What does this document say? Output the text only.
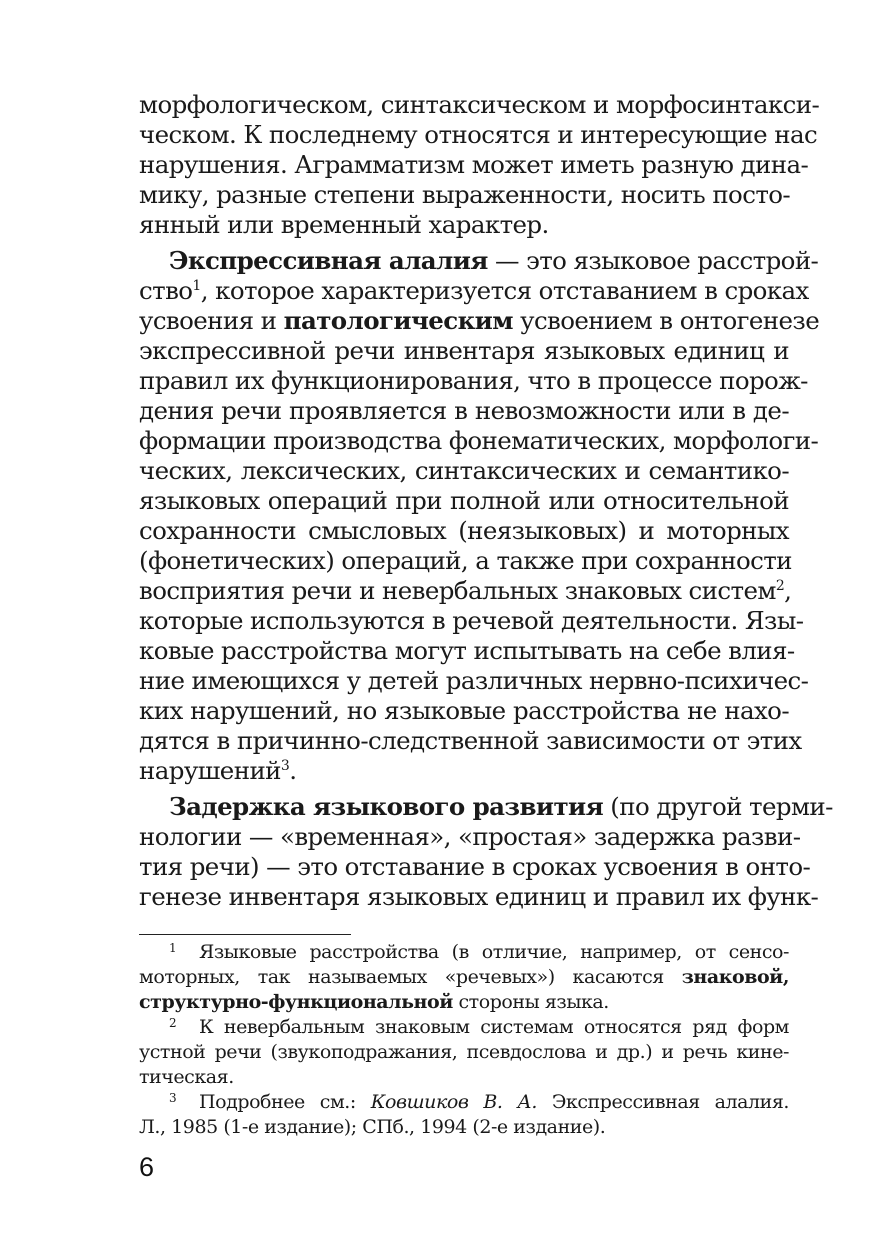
морфологическом, синтаксическом и морфосинтакси-
ческом. К последнему относятся и интересующие нас
нарушения. Аграмматизм может иметь разную дина-
мику, разные степени выраженности, носить посто-
янный или временный характер.

Экспрессивная алалия — это языковое расстрой-
ство$^1$, которое характеризуется отставанием в сроках
усвоения и патологическим усвоением в онтогенезе
экспрессивной речи инвентаря языковых единиц и
правил их функционирования, что в процессе порож-
дения речи проявляется в невозможности или в де-
формации производства фонематических, морфологи-
ческих, лексических, синтаксических и семантико-
языковых операций при полной или относительной
сохранности смысловых (неязыковых) и моторных
(фонетических) операций, а также при сохранности
восприятия речи и невербальных знаковых систем$^2$,
которые используются в речевой деятельности. Язы-
ковые расстройства могут испытывать на себе влия-
ние имеющихся у детей различных нервно-психичес-
ких нарушений, но языковые расстройства не нахо-
дятся в причинно-следственной зависимости от этих
нарушений$^3$.

Задержка языкового развития (по другой терми-
нологии — «временная», «простая» задержка разви-
тия речи) — это отставание в сроках усвоения в онто-
генезе инвентаря языковых единиц и правил их функ-

1 Языковые расстройства (в отличие, например, от сенсо-
моторных, так называемых «речевых») касаются знаковой,
структурно-функциональной стороны языка.

2 К невербальным знаковым системам относятся ряд форм
устной речи (звукоподражания, псевдослова и др.) и речь кине-
тическая.

3 Подробнее см.: Ковшиков В. А. Экспрессивная алалия.
Л., 1985 (1-е издание); СПб., 1994 (2-е издание).

6
